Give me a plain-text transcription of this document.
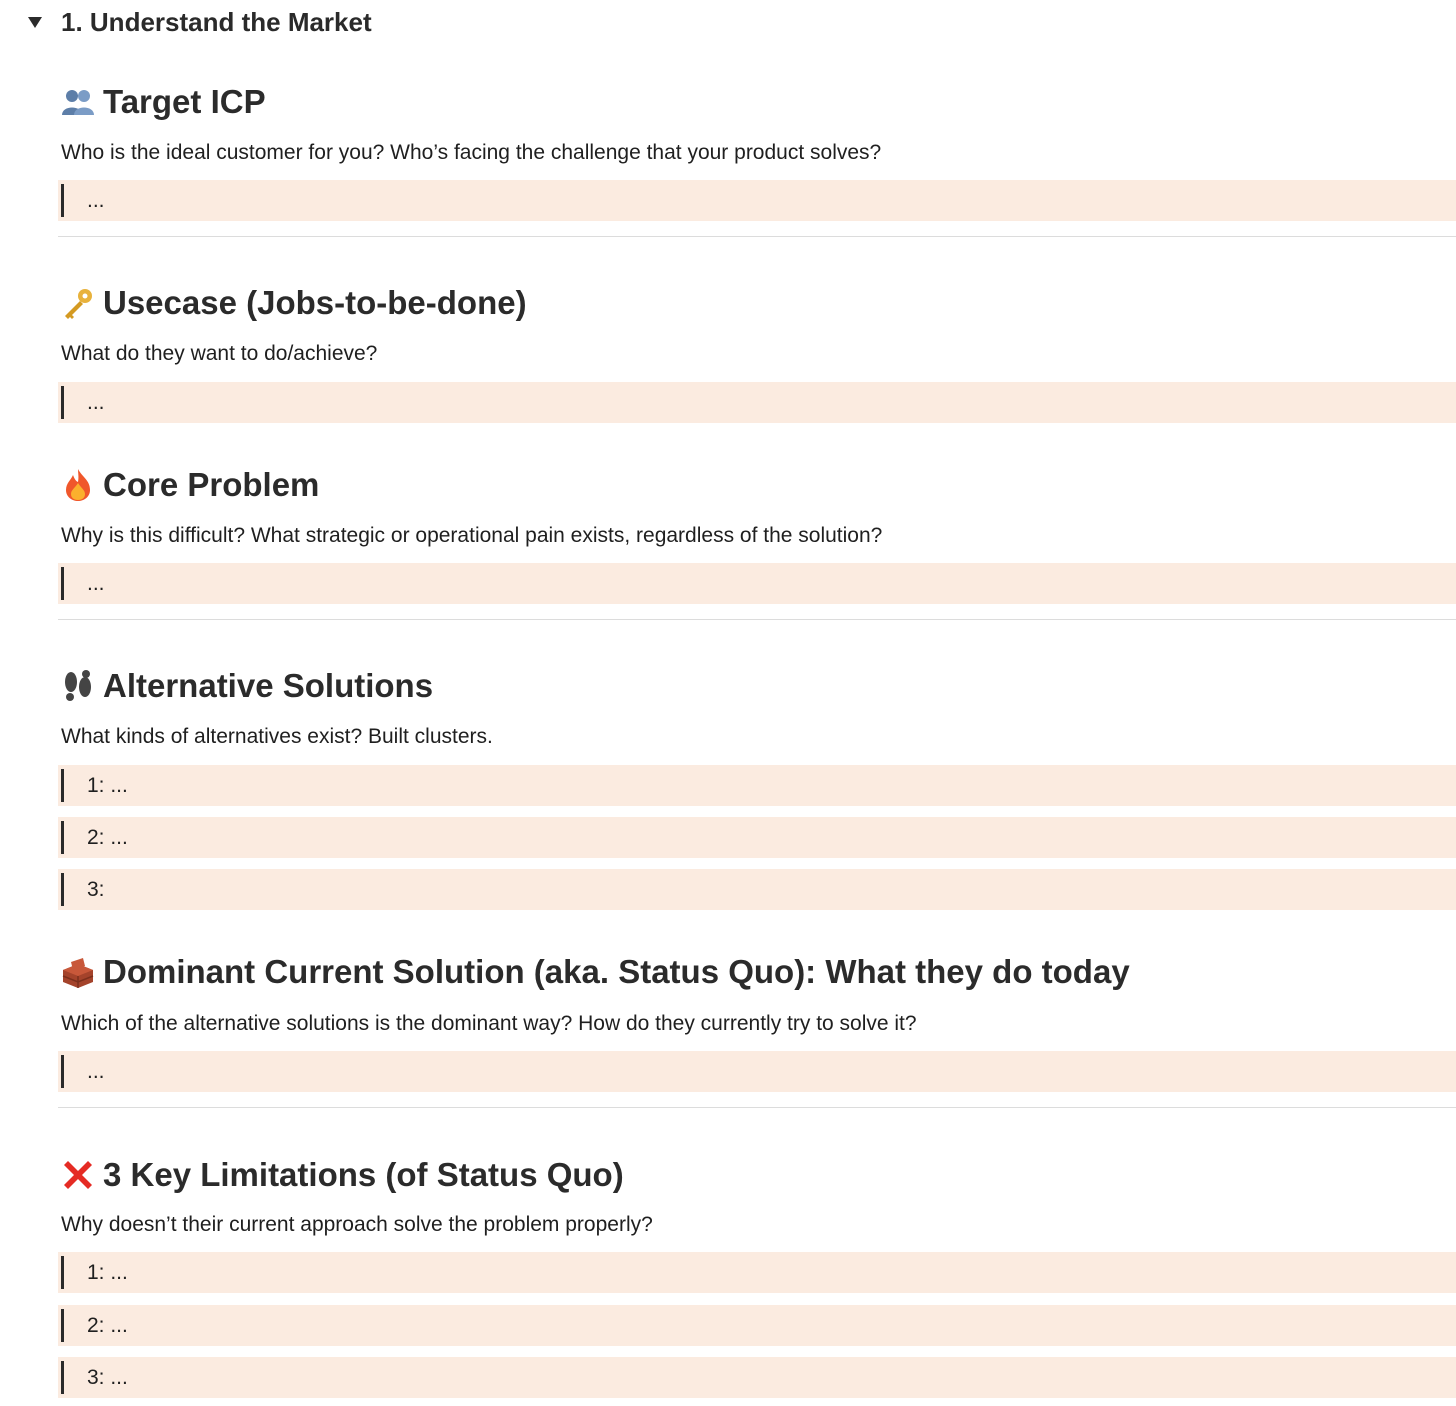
1. Understand the Market
Target ICP
Who is the ideal customer for you? Who’s facing the challenge that your product solves?
...
Usecase (Jobs-to-be-done)
What do they want to do/achieve?
...
Core Problem
Why is this difficult? What strategic or operational pain exists, regardless of the solution?
...
Alternative Solutions
What kinds of alternatives exist? Built clusters.
1: ...
2: ...
3:
Dominant Current Solution (aka. Status Quo): What they do today
Which of the alternative solutions is the dominant way? How do they currently try to solve it?
...
3 Key Limitations (of Status Quo)
Why doesn’t their current approach solve the problem properly?
1: ...
2: ...
3: ...
